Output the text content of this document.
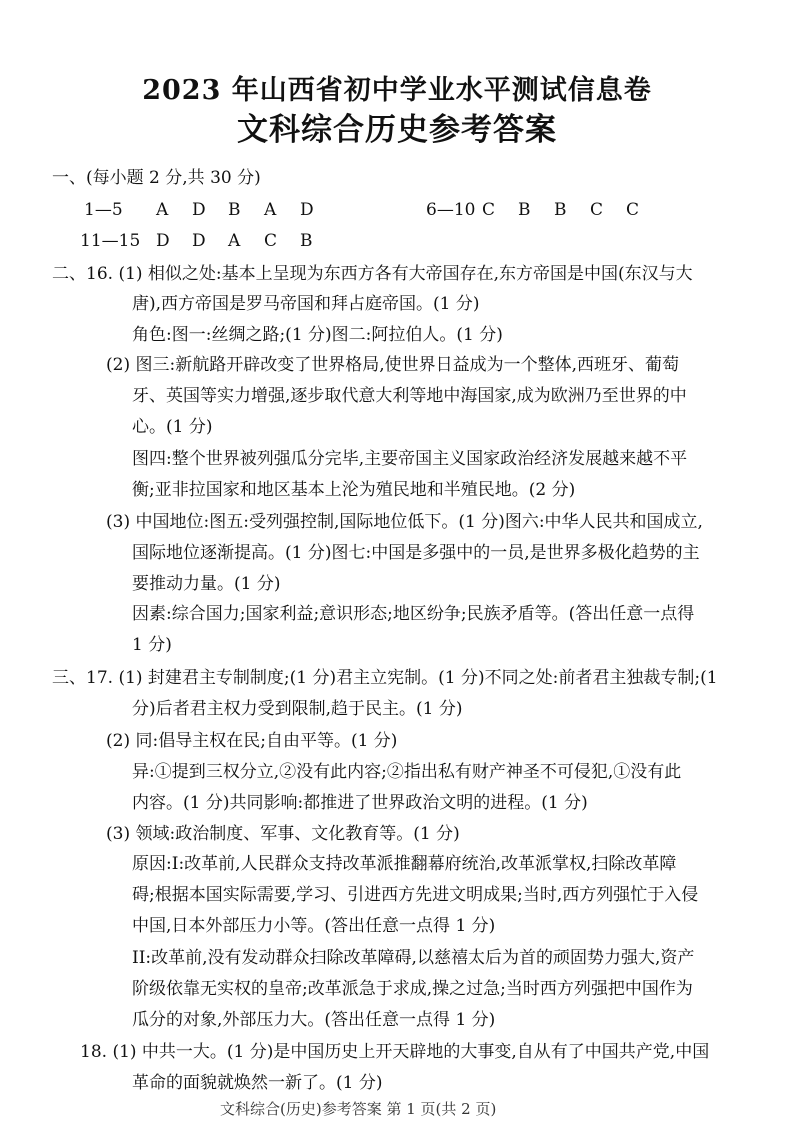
2023 年山西省初中学业水平测试信息卷
文科综合历史参考答案
一、(每小题 2 分,共 30 分)
1—5 A D B A D	6—10 C B B C C
11—15 D D A C B
二、16. (1) 相似之处:基本上呈现为东西方各有大帝国存在,东方帝国是中国(东汉与大
唐),西方帝国是罗马帝国和拜占庭帝国。(1 分)
角色:图一:丝绸之路;(1 分)图二:阿拉伯人。(1 分)
(2) 图三:新航路开辟改变了世界格局,使世界日益成为一个整体,西班牙、葡萄
牙、英国等实力增强,逐步取代意大利等地中海国家,成为欧洲乃至世界的中
心。(1 分)
图四:整个世界被列强瓜分完毕,主要帝国主义国家政治经济发展越来越不平
衡;亚非拉国家和地区基本上沦为殖民地和半殖民地。(2 分)
(3) 中国地位:图五:受列强控制,国际地位低下。(1 分)图六:中华人民共和国成立,
国际地位逐渐提高。(1 分)图七:中国是多强中的一员,是世界多极化趋势的主
要推动力量。(1 分)
因素:综合国力;国家利益;意识形态;地区纷争;民族矛盾等。(答出任意一点得
1 分)
三、17. (1) 封建君主专制制度;(1 分)君主立宪制。(1 分)不同之处:前者君主独裁专制;(1
分)后者君主权力受到限制,趋于民主。(1 分)
(2) 同:倡导主权在民;自由平等。(1 分)
异:①提到三权分立,②没有此内容;②指出私有财产神圣不可侵犯,①没有此
内容。(1 分)共同影响:都推进了世界政治文明的进程。(1 分)
(3) 领域:政治制度、军事、文化教育等。(1 分)
原因:I:改革前,人民群众支持改革派推翻幕府统治,改革派掌权,扫除改革障
碍;根据本国实际需要,学习、引进西方先进文明成果;当时,西方列强忙于入侵
中国,日本外部压力小等。(答出任意一点得 1 分)
II:改革前,没有发动群众扫除改革障碍,以慈禧太后为首的顽固势力强大,资产
阶级依靠无实权的皇帝;改革派急于求成,操之过急;当时西方列强把中国作为
瓜分的对象,外部压力大。(答出任意一点得 1 分)
18. (1) 中共一大。(1 分)是中国历史上开天辟地的大事变,自从有了中国共产党,中国
革命的面貌就焕然一新了。(1 分)
文科综合(历史)参考答案 第 1 页(共 2 页)
